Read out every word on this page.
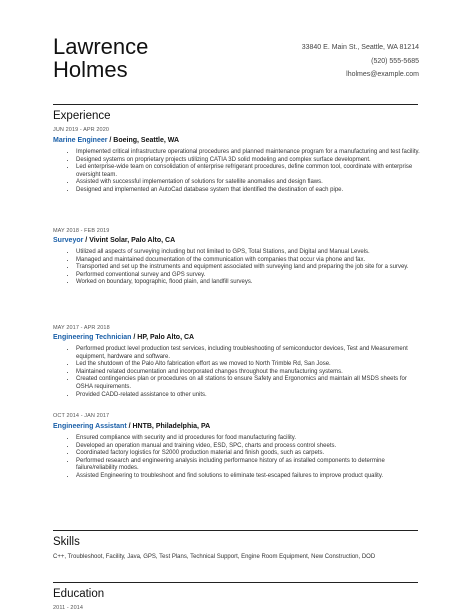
Lawrence
Holmes
33840 E. Main St., Seattle, WA 81214
(520) 555-5685
lholmes@example.com
Experience
JUN 2019 - APR 2020
Marine Engineer / Boeing, Seattle, WA
• Implemented critical infrastructure operational procedures and planned maintenance program for a manufacturing and test facility.
• Designed systems on proprietary projects utilizing CATIA 3D solid modeling and complex surface development.
• Led enterprise-wide team on consolidation of enterprise refrigerant procedures, define common tool, coordinate with enterprise oversight team.
• Assisted with successful implementation of solutions for satellite anomalies and design flaws.
• Designed and implemented an AutoCad database system that identified the destination of each pipe.
MAY 2018 - FEB 2019
Surveyor / Vivint Solar, Palo Alto, CA
• Utilized all aspects of surveying including but not limited to GPS, Total Stations, and Digital and Manual Levels.
• Managed and maintained documentation of the communication with companies that occur via phone and fax.
• Transported and set up the instruments and equipment associated with surveying land and preparing the job site for a survey.
• Performed conventional survey and GPS survey.
• Worked on boundary, topographic, flood plain, and landfill surveys.
MAY 2017 - APR 2018
Engineering Technician / HP, Palo Alto, CA
• Performed product level production test services, including troubleshooting of semiconductor devices, Test and Measurement equipment, hardware and software.
• Led the shutdown of the Palo Alto fabrication effort as we moved to North Trimble Rd, San Jose.
• Maintained related documentation and incorporated changes throughout the manufacturing systems.
• Created contingencies plan or procedures on all stations to ensure Safety and Ergonomics and maintain all MSDS sheets for OSHA requirements.
• Provided CADD-related assistance to other units.
OCT 2014 - JAN 2017
Engineering Assistant / HNTB, Philadelphia, PA
• Ensured compliance with security and id procedures for food manufacturing facility.
• Developed an operation manual and training video, ESD, SPC, charts and process control sheets.
• Coordinated factory logistics for S2000 production material and finish goods, such as carpets.
• Performed research and engineering analysis including performance history of as installed components to determine failure/reliability modes.
• Assisted Engineering to troubleshoot and find solutions to eliminate test-escaped failures to improve product quality.
Skills
C++, Troubleshoot, Facility, Java, GPS, Test Plans, Technical Support, Engine Room Equipment, New Construction, DOD
Education
2011 - 2014
